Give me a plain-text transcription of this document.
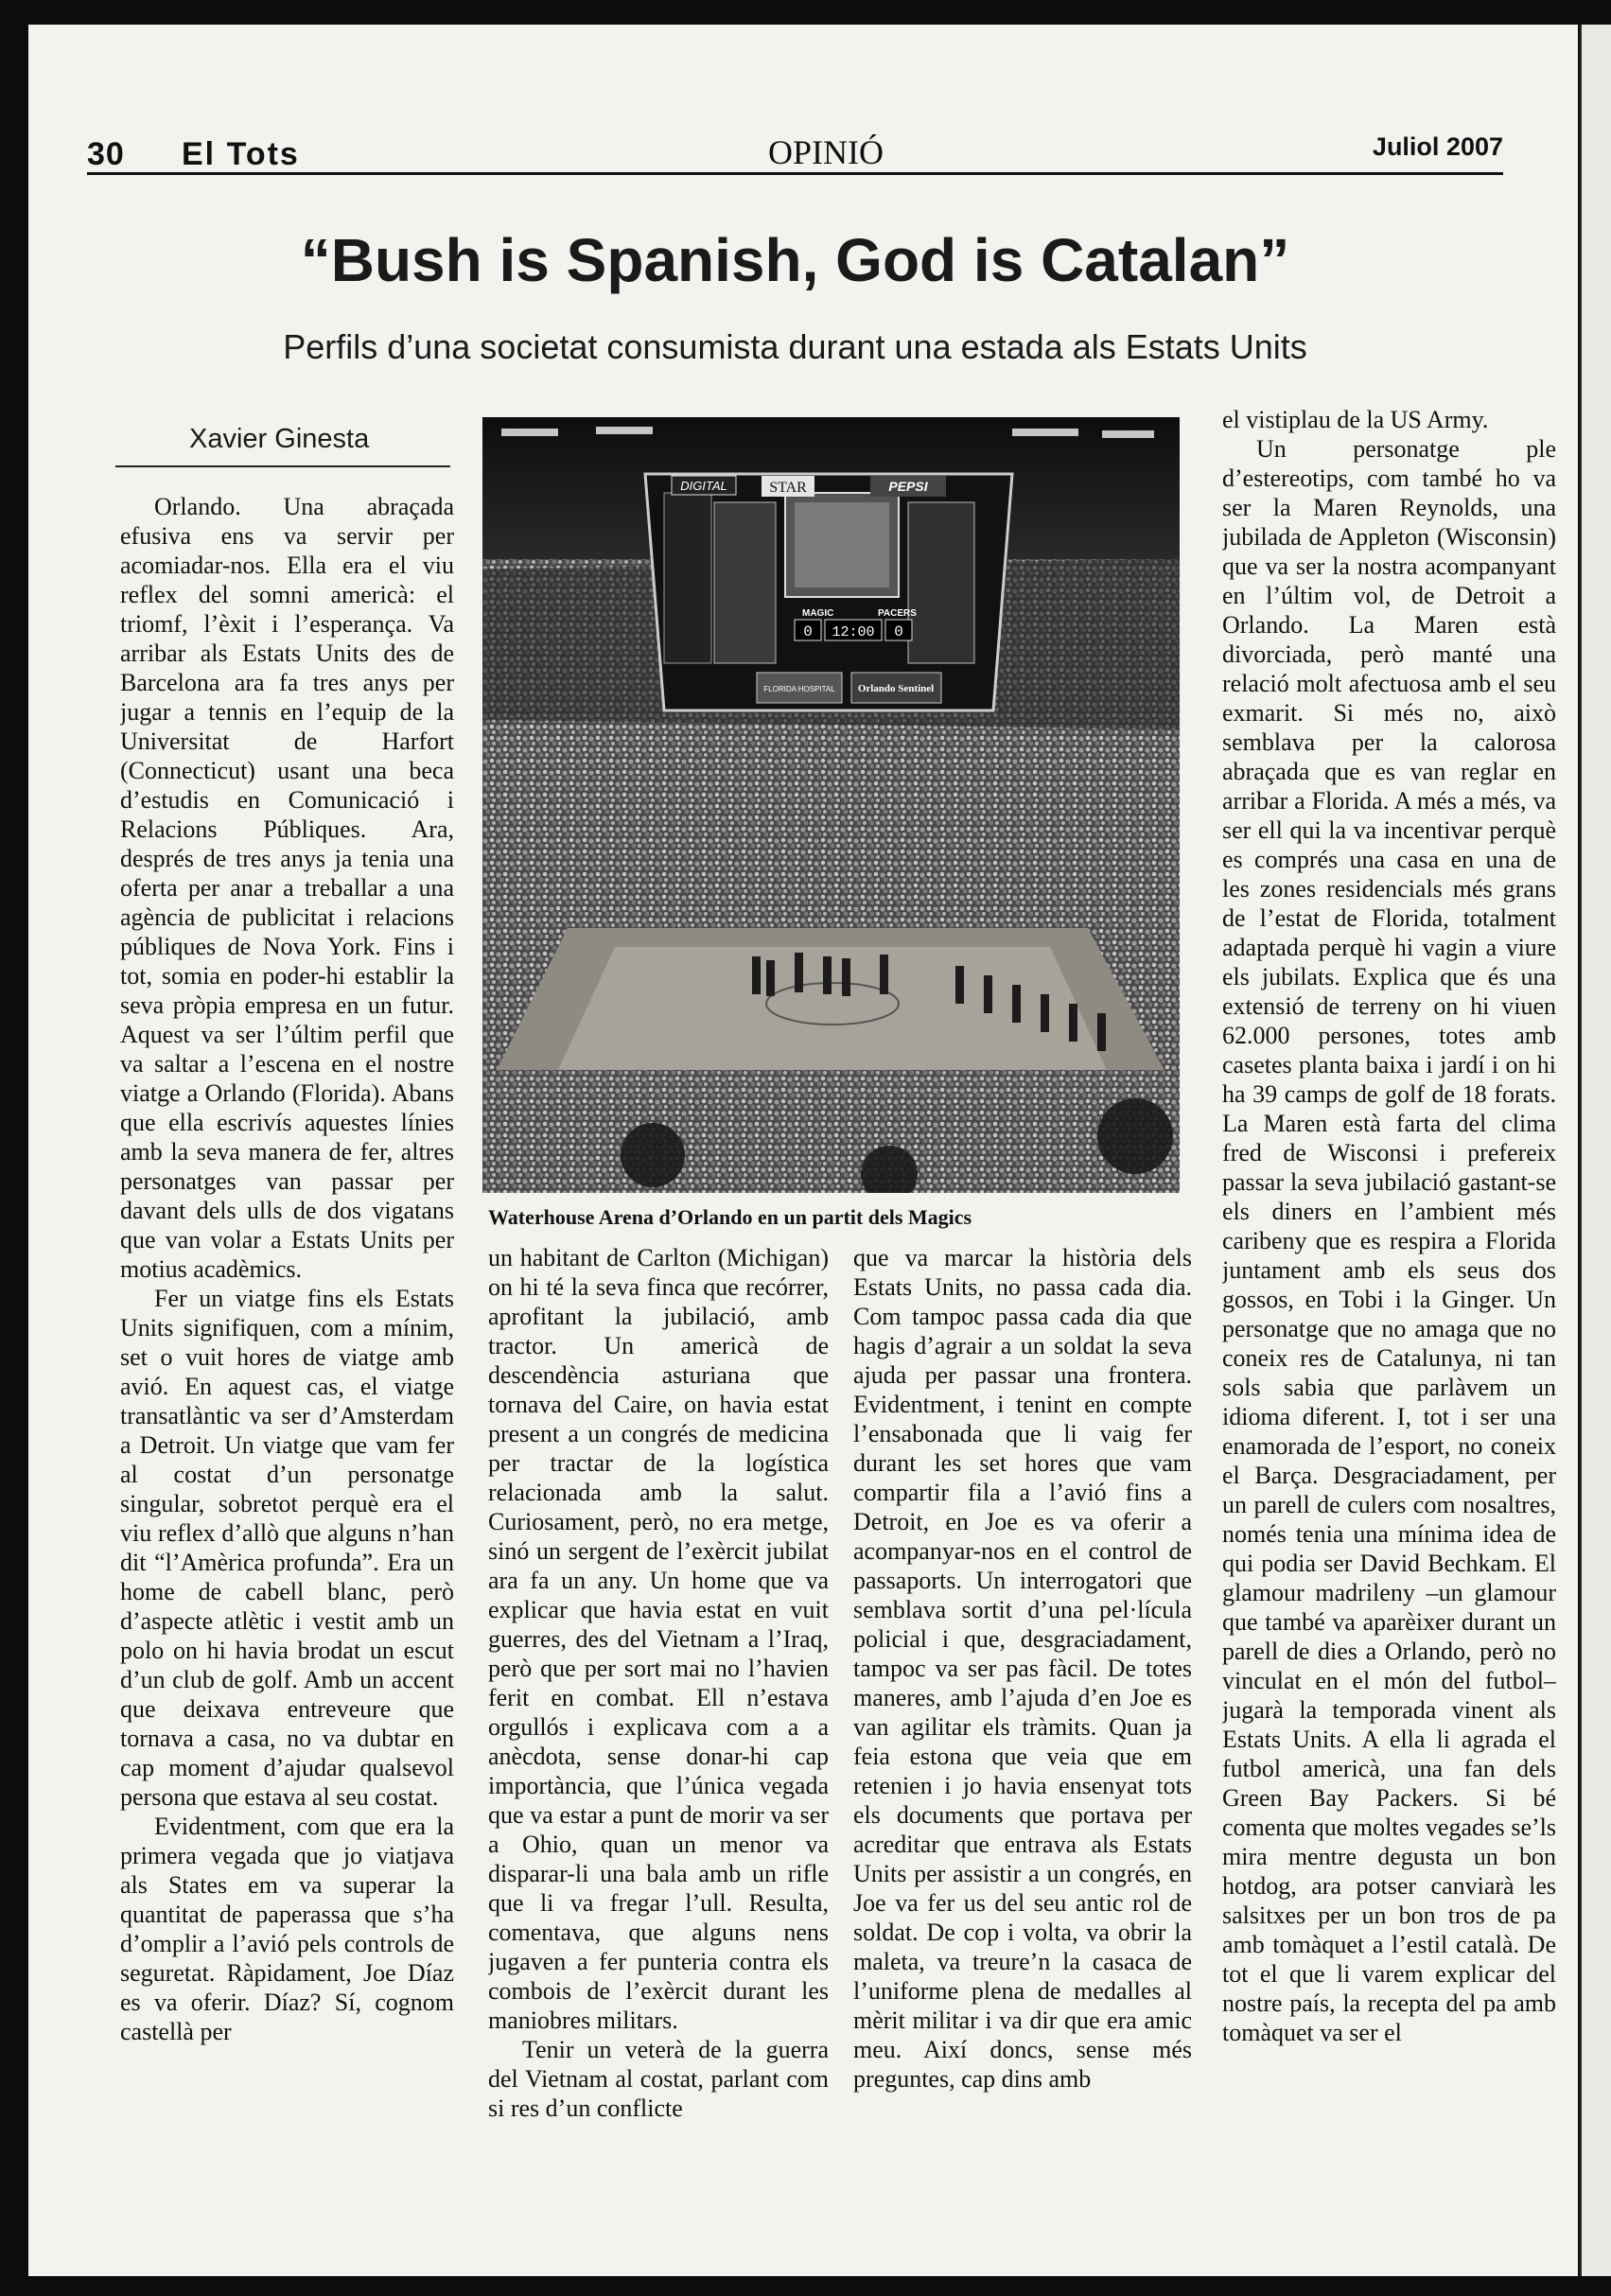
30 El Tots	OPINIÓ	Juliol 2007
“Bush is Spanish, God is Catalan”
Perfils d’una societat consumista durant una estada als Estats Units
Xavier Ginesta

Orlando. Una abraçada efusiva ens va servir per acomiadar-nos. Ella era el viu reflex del somni americà: el triomf, l’èxit i l’esperança. Va arribar als Estats Units des de Barcelona ara fa tres anys per jugar a tennis en l’equip de la Universitat de Harfort (Connecticut) usant una beca d’estudis en Comunicació i Relacions Públiques. Ara, després de tres anys ja tenia una oferta per anar a treballar a una agència de publicitat i relacions públiques de Nova York. Fins i tot, somia en poder-hi establir la seva pròpia empresa en un futur. Aquest va ser l’últim perfil que va saltar a l’escena en el nostre viatge a Orlando (Florida). Abans que ella escrivís aquestes línies amb la seva manera de fer, altres personatges van passar per davant dels ulls de dos vigatans que van volar a Estats Units per motius acadèmics.

Fer un viatge fins els Estats Units signifiquen, com a mínim, set o vuit hores de viatge amb avió. En aquest cas, el viatge transatlàntic va ser d’Amsterdam a Detroit. Un viatge que vam fer al costat d’un personatge singular, sobretot perquè era el viu reflex d’allò que alguns n’han dit “l’Amèrica profunda”. Era un home de cabell blanc, però d’aspecte atlètic i vestit amb un polo on hi havia brodat un escut d’un club de golf. Amb un accent que deixava entreveure que tornava a casa, no va dubtar en cap moment d’ajudar qualsevol persona que estava al seu costat.

Evidentment, com que era la primera vegada que jo viatjava als States em va superar la quantitat de paperassa que s’ha d’omplir a l’avió pels controls de seguretat. Ràpidament, Joe Díaz es va oferir. Díaz? Sí, cognom castellà per

DIGITAL	STAR	PEPSI
MAGIC	PACERS
0 12:00 0
FLORIDA HOSPITAL Orlando Sentinel
Waterhouse Arena d’Orlando en un partit dels Magics

un habitant de Carlton (Michigan) on hi té la seva finca que recórrer, aprofitant la jubilació, amb tractor. Un americà de descendència asturiana que tornava del Caire, on havia estat present a un congrés de medicina per tractar de la logística relacionada amb la salut. Curiosament, però, no era metge, sinó un sergent de l’exèrcit jubilat ara fa un any. Un home que va explicar que havia estat en vuit guerres, des del Vietnam a l’Iraq, però que per sort mai no l’havien ferit en combat. Ell n’estava orgullós i explicava com a a anècdota, sense donar-hi cap importància, que l’única vegada que va estar a punt de morir va ser a Ohio, quan un menor va disparar-li una bala amb un rifle que li va fregar l’ull. Resulta, comentava, que alguns nens jugaven a fer punteria contra els combois de l’exèrcit durant les maniobres militars.

Tenir un veterà de la guerra del Vietnam al costat, parlant com si res d’un conflicte

que va marcar la història dels Estats Units, no passa cada dia. Com tampoc passa cada dia que hagis d’agrair a un soldat la seva ajuda per passar una frontera. Evidentment, i tenint en compte l’ensabonada que li vaig fer durant les set hores que vam compartir fila a l’avió fins a Detroit, en Joe es va oferir a acompanyar-nos en el control de passaports. Un interrogatori que semblava sortit d’una pel·lícula policial i que, desgraciadament, tampoc va ser pas fàcil. De totes maneres, amb l’ajuda d’en Joe es van agilitar els tràmits. Quan ja feia estona que veia que em retenien i jo havia ensenyat tots els documents que portava per acreditar que entrava als Estats Units per assistir a un congrés, en Joe va fer us del seu antic rol de soldat. De cop i volta, va obrir la maleta, va treure’n la casaca de l’uniforme plena de medalles al mèrit militar i va dir que era amic meu. Així doncs, sense més preguntes, cap dins amb

el vistiplau de la US Army.

Un personatge ple d’estereotips, com també ho va ser la Maren Reynolds, una jubilada de Appleton (Wisconsin) que va ser la nostra acompanyant en l’últim vol, de Detroit a Orlando. La Maren està divorciada, però manté una relació molt afectuosa amb el seu exmarit. Si més no, això semblava per la calorosa abraçada que es van reglar en arribar a Florida. A més a més, va ser ell qui la va incentivar perquè es comprés una casa en una de les zones residencials més grans de l’estat de Florida, totalment adaptada perquè hi vagin a viure els jubilats. Explica que és una extensió de terreny on hi viuen 62.000 persones, totes amb casetes planta baixa i jardí i on hi ha 39 camps de golf de 18 forats. La Maren està farta del clima fred de Wisconsi i prefereix passar la seva jubilació gastant-se els diners en l’ambient més caribeny que es respira a Florida juntament amb els seus dos gossos, en Tobi i la Ginger. Un personatge que no amaga que no coneix res de Catalunya, ni tan sols sabia que parlàvem un idioma diferent. I, tot i ser una enamorada de l’esport, no coneix el Barça. Desgraciadament, per un parell de culers com nosaltres, només tenia una mínima idea de qui podia ser David Bechkam. El glamour madrileny –un glamour que també va aparèixer durant un parell de dies a Orlando, però no vinculat en el món del futbol– jugarà la temporada vinent als Estats Units. A ella li agrada el futbol americà, una fan dels Green Bay Packers. Si bé comenta que moltes vegades se’ls mira mentre degusta un bon hotdog, ara potser canviarà les salsitxes per un bon tros de pa amb tomàquet a l’estil català. De tot el que li varem explicar del nostre país, la recepta del pa amb tomàquet va ser el
